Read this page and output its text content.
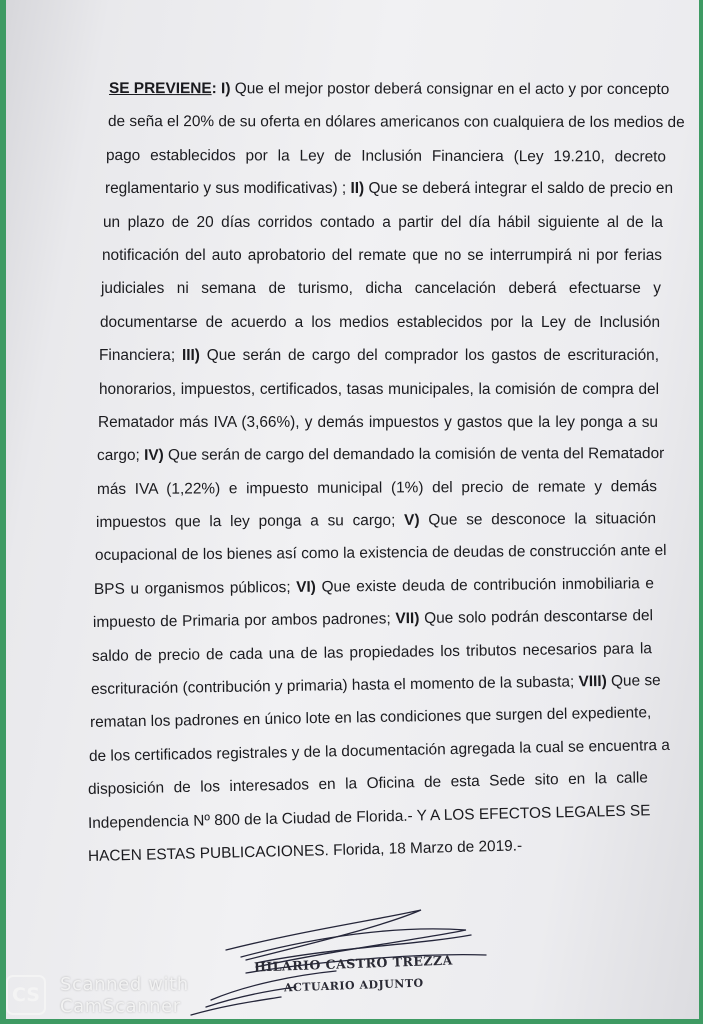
SE PREVIENE: I) Que el mejor postor deberá consignar en el acto y por concepto
de seña el 20% de su oferta en dólares americanos con cualquiera de los medios de
pago establecidos por la Ley de Inclusión Financiera (Ley 19.210, decreto
reglamentario y sus modificativas) ; II) Que se deberá integrar el saldo de precio en
un plazo de 20 días corridos contado a partir del día hábil siguiente al de la
notificación del auto aprobatorio del remate que no se interrumpirá ni por ferias
judiciales ni semana de turismo, dicha cancelación deberá efectuarse y
documentarse de acuerdo a los medios establecidos por la Ley de Inclusión
Financiera; III) Que serán de cargo del comprador los gastos de escrituración,
honorarios, impuestos, certificados, tasas municipales, la comisión de compra del
Rematador más IVA (3,66%), y demás impuestos y gastos que la ley ponga a su
cargo; IV) Que serán de cargo del demandado la comisión de venta del Rematador
más IVA (1,22%) e impuesto municipal (1%) del precio de remate y demás
impuestos que la ley ponga a su cargo; V) Que se desconoce la situación
ocupacional de los bienes así como la existencia de deudas de construcción ante el
BPS u organismos públicos; VI) Que existe deuda de contribución inmobiliaria e
impuesto de Primaria por ambos padrones; VII) Que solo podrán descontarse del
saldo de precio de cada una de las propiedades los tributos necesarios para la
escrituración (contribución y primaria) hasta el momento de la subasta; VIII) Que se
rematan los padrones en único lote en las condiciones que surgen del expediente,
de los certificados registrales y de la documentación agregada la cual se encuentra a
disposición de los interesados en la Oficina de esta Sede sito en la calle
Independencia Nº 800 de la Ciudad de Florida.- Y A LOS EFECTOS LEGALES SE
HACEN ESTAS PUBLICACIONES. Florida, 18 Marzo de 2019.-
HILARIO CASTRO TREZZA
ACTUARIO ADJUNTO
CS	Scanned with
CamScanner
